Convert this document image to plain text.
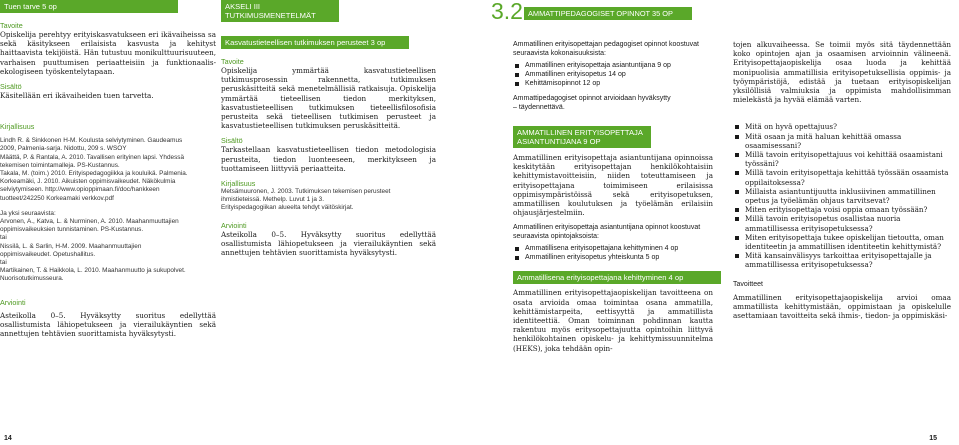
Tuen tarve 5 op
Tavoite
Opiskelija perehtyy erityiskasvatukseen eri ikävaiheissa sa sekä käsitykseen erilaisista kasvusta ja kehityst haittaavista tekijöistä. Hän tutustuu monikulttuurisuuteen, varhaisen puuttumisen periaatteisiin ja funktionaalis-ekologiseen työskentelytapaan.
Sisältö
Käsitellään eri ikävaiheiden tuen tarvetta.
Kirjallisuus
Lindh R. & Sinkkonen H-M. Koulusta selviytyminen. Gaudeamus 2009, Palmenia-sarja. Nidottu, 209 s. WSOY
Määttä, P. & Rantala, A. 2010. Tavallisen erityinen lapsi. Yhdessä tekemisen toimintamalleja. PS-Kustannus.
Takala, M. (toim.) 2010. Erityispedagogiikka ja kouluikä. Palmenia.
Korkeamäki, J. 2010. Aikuisten oppimisvaikeudet. Näkökulmia selviytymiseen. http://www.opioppimaan.fi/doc/hankkeen tuotteet/242250 Korkeamaki verkkov.pdf
Ja yksi seuraavista:
Arvonen, A., Katva, L. & Nurminen, A. 2010. Maahanmuuttajien oppimisvaikeuksien tunnistaminen. PS-Kustannus.
tai
Nissilä, L. & Sarlin, H-M. 2009. Maahanmuuttajien oppimisvaikeudet. Opetushallitus.
tai
Martikainen, T. & Haikkola, L. 2010. Maahanmuutto ja sukupolvet. Nuorisotutkimusseura.
Arviointi
Asteikolla 0–5. Hyväksytty suoritus edellyttää osallistumista lähiopetukseen ja vierailukäyntien sekä annettujen tehtävien suorittamista hyväksytysti.
14
AKSELI III TUTKIMUSMENETELMÄT
Kasvatustieteellisen tutkimuksen perusteet 3 op
Tavoite
Opiskelija ymmärtää kasvatustieteellisen tutkimusprosessin rakennetta, tutkimuksen peruskäsitteitä sekä menetelmällisiä ratkaisuja. Opiskelija ymmärtää tieteellisen tiedon merkityksen, kasvatustieteellisen tutkimuksen tieteellisfilosofisia perusteita sekä tieteellisen tutkimisen perusteet ja kasvatustieteellisen tutkimuksen peruskäsitteitä.
Sisältö
Tarkastellaan kasvatustieteellisen tiedon metodologisia perusteita, tiedon luonteeseen, merkitykseen ja tuottamiseen liittyviä periaatteita.
Kirjallisuus
Metsämuuronen, J. 2003. Tutkimuksen tekemisen perusteet ihmistieteissä. Methelp. Luvut 1 ja 3.
Erityispedagogiikan alueelta tehdyt väitöskirjat.
Arviointi
Asteikolla 0–5. Hyväksytty suoritus edellyttää osallistumista lähiopetukseen ja vierailukäyntien sekä annettujen tehtävien suorittamista hyväksytysti.
3.2 AMMATTIPEDAGOGISET OPINNOT 35 OP
Ammatillinen erityisopettajan pedagogiset opinnot koostuvat seuraavista kokonaisuuksista:
Ammatillinen erityisopettaja asiantuntijana 9 op
Ammatillinen erityisopetus 14 op
Kehittämisopinnot 12 op
Ammattipedagogiset opinnot arvioidaan hyväksytty – täydennettävä.
AMMATILLINEN ERITYISOPETTAJA ASIANTUNTIJANA 9 OP
Ammatillinen erityisopettaja asiantuntijana opinnoissa keskitytään erityisopettajan henkilökohtaisiin kehittymistavoitteisiin, niiden toteuttamiseen ja erityisopettajana toimimiseen erilaisissa oppimisympäristöissä sekä erityisopetuksen, ammatillisen koulutuksen ja työelämän erilaisiin ohjausjärjestelmiin.
Ammatillinen erityisopettaja asiantuntijana opinnot koostuvat seuraavista opintojaksoista:
Ammatillisena erityisopettajana kehittyminen 4 op
Ammatillinen erityisopetus yhteiskunta 5 op
Ammatillisena erityisopettajana kehittyminen 4 op
Ammatillinen erityisopettajaopiskelijan tavoitteena on osata arvioida omaa toimintaa osana ammatilla, kehittämistarpeita, eettisyyttä ja ammatillista identiteettiä. Oman toiminnan pohdinnan kautta rakentuu myös eritysopettajuutta opintoihin liittyvä henkilökohtainen opiskelu- ja kehittymissuunnitelma (HEKS), joka tehdään opin-
tojen alkuvaiheessa. Se toimii myös sitä täydennettään koko opintojen ajan ja osaamisen arvioinnin välineenä. Erityisopettajaopiskelija osaa luoda ja kehittää monipuolisia ammatillisia erityisopetuksellisia oppimis- ja työympäristöjä, edistää ja tuetaan erityisopiskelijan yksilöllisiä valmiuksia ja oppimista mahdollisimman mielekästä ja hyvää elämää varten.
Mitä on hyvä opettajuus?
Mitä osaan ja mitä haluan kehittää omassa osaamisessani?
Millä tavoin erityisopettajuus voi kehittää osaamistani työssäni?
Millä tavoin erityisopettaja kehittää työssään osaamista oppilaitoksessa?
Millaista asiantuntijuutta inklusiivinen ammatillinen opetus ja työelämän ohjaus tarvitsevat?
Miten erityisopettaja voisi oppia omaan työssään?
Millä tavoin erityisopetus osallistaa nuoria ammatillisessa erityisopetuksessa?
Miten erityisopettaja tukee opiskelijan tietoutta, oman identiteetin ja ammatillisen identiteetin kehittymistä?
Mitä kansainvälisyys tarkoittaa erityisopettajalle ja ammatillisessa erityisopetuksessa?
Tavoitteet
Ammatillinen erityisopettajaopiskelija arvioi omaa ammatillista kehittymistään, oppimistaan ja opiskelulle asettamiaan tavoitteita sekä ihmis-, tiedon- ja oppimiskäsi-
15
